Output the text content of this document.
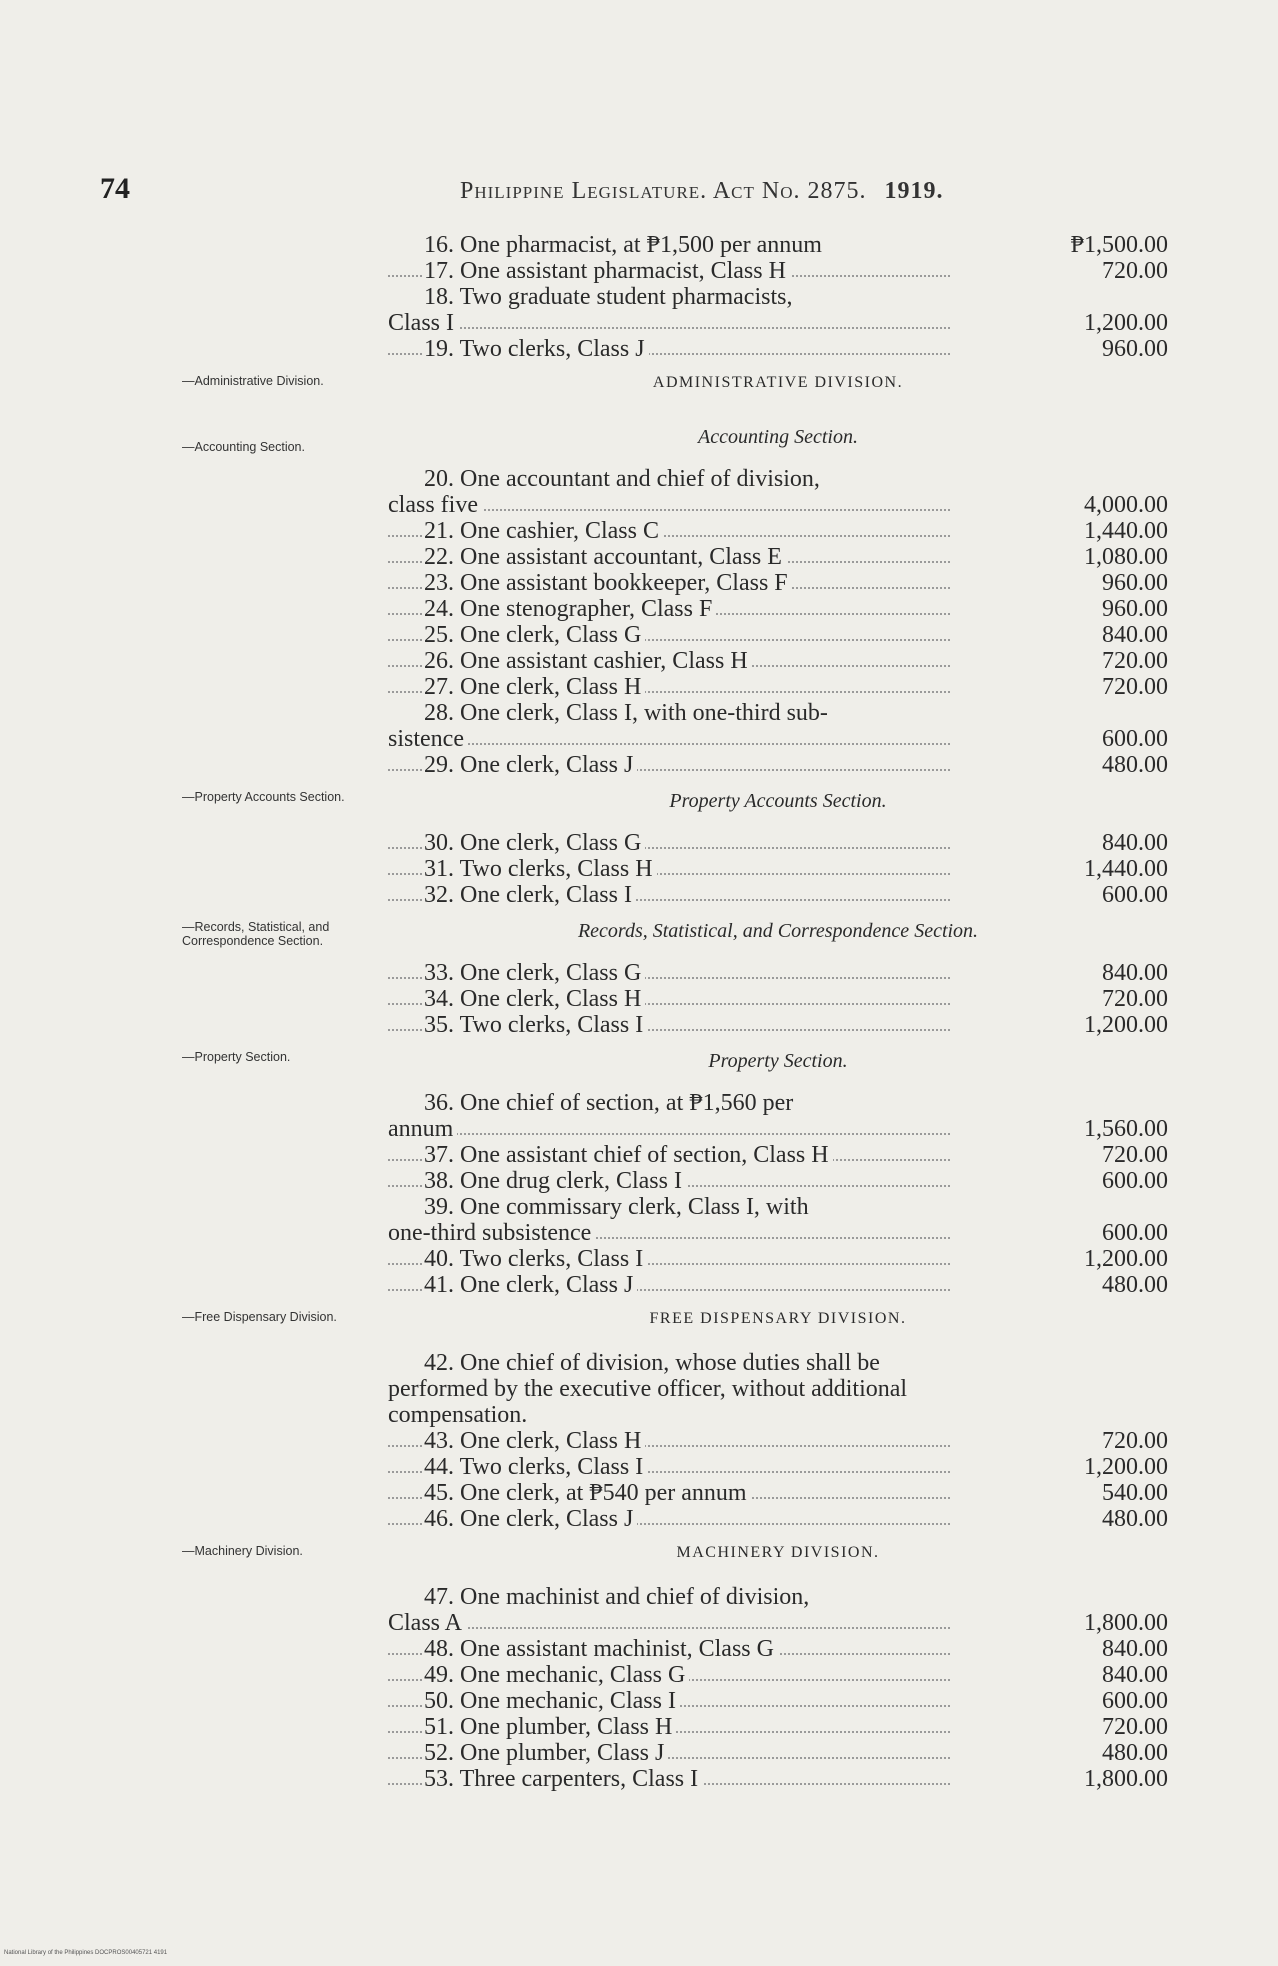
74	Philippine Legislature. Act No. 2875. 1919.
16. One pharmacist, at ₱1,500 per annum	₱1,500.00
17. One assistant pharmacist, Class H	720.00
18. Two graduate student pharmacists,
Class I	1,200.00
19. Two clerks, Class J	960.00
ADMINISTRATIVE DIVISION.
Accounting Section.
20. One accountant and chief of division,
class five	4,000.00
21. One cashier, Class C	1,440.00
22. One assistant accountant, Class E	1,080.00
23. One assistant bookkeeper, Class F	960.00
24. One stenographer, Class F	960.00
25. One clerk, Class G	840.00
26. One assistant cashier, Class H	720.00
27. One clerk, Class H	720.00
28. One clerk, Class I, with one-third sub-
sistence	600.00
29. One clerk, Class J	480.00
Property Accounts Section.
30. One clerk, Class G	840.00
31. Two clerks, Class H	1,440.00
32. One clerk, Class I	600.00
Records, Statistical, and Correspondence Section.
33. One clerk, Class G	840.00
34. One clerk, Class H	720.00
35. Two clerks, Class I	1,200.00
Property Section.
36. One chief of section, at ₱1,560 per
annum	1,560.00
37. One assistant chief of section, Class H	720.00
38. One drug clerk, Class I	600.00
39. One commissary clerk, Class I, with
one-third subsistence	600.00
40. Two clerks, Class I	1,200.00
41. One clerk, Class J	480.00
FREE DISPENSARY DIVISION.
42. One chief of division, whose duties shall be performed by the executive officer, without additional compensation.
43. One clerk, Class H	720.00
44. Two clerks, Class I	1,200.00
45. One clerk, at ₱540 per annum	540.00
46. One clerk, Class J	480.00
MACHINERY DIVISION.
47. One machinist and chief of division,
Class A	1,800.00
48. One assistant machinist, Class G	840.00
49. One mechanic, Class G	840.00
50. One mechanic, Class I	600.00
51. One plumber, Class H	720.00
52. One plumber, Class J	480.00
53. Three carpenters, Class I	1,800.00
—Administrative Division.
—Accounting Section.
—Property Accounts Section.
—Records, Statistical, and Correspondence Section.
—Property Section.
—Free Dispensary Division.
—Machinery Division.
National Library of the Philippines DOCPROS00405721 4191
